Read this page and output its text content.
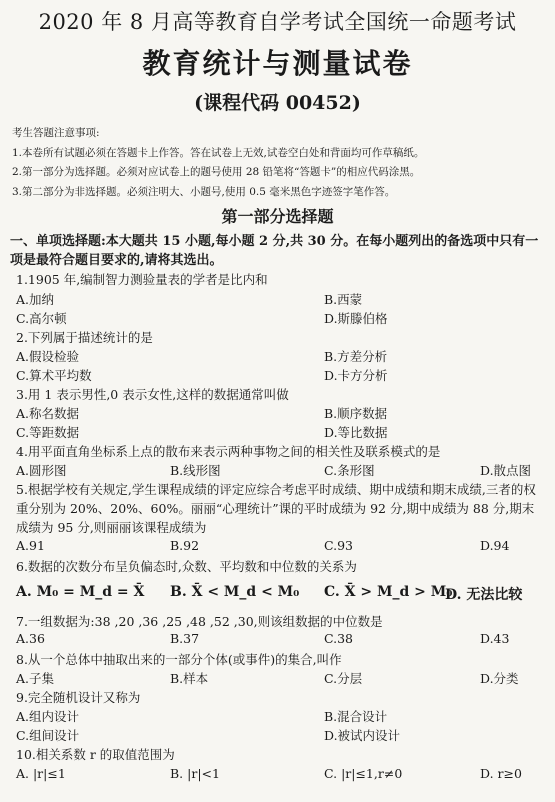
2020 年 8 月高等教育自学考试全国统一命题考试
教育统计与测量试卷
(课程代码 00452)
考生答题注意事项:
1.本卷所有试题必须在答题卡上作答。答在试卷上无效,试卷空白处和背面均可作草稿纸。
2.第一部分为选择题。必须对应试卷上的题号使用 28 铅笔将“答题卡”的相应代码涂黑。
3.第二部分为非选择题。必须注明大、小题号,使用 0.5 毫米黑色字迹签字笔作答。
第一部分选择题
一、单项选择题:本大题共 15 小题,每小题 2 分,共 30 分。在每小题列出的备选项中只有一项是最符合题目要求的,请将其选出。
1.1905 年,编制智力测验量表的学者是比内和
A.加纳	B.西蒙
C.高尔顿	D.斯滕伯格
2.下列属于描述统计的是
A.假设检验	B.方差分析
C.算术平均数	D.卡方分析
3.用 1 表示男性,0 表示女性,这样的数据通常叫做
A.称名数据	B.顺序数据
C.等距数据	D.等比数据
4.用平面直角坐标系上点的散布来表示两种事物之间的相关性及联系模式的是
A.圆形图	B.线形图	C.条形图	D.散点图
5.根据学校有关规定,学生课程成绩的评定应综合考虑平时成绩、期中成绩和期末成绩,三者的权重分别为 20%、20%、60%。丽丽“心理统计”课的平时成绩为 92 分,期中成绩为 88 分,期末成绩为 95 分,则丽丽该课程成绩为
A.91	B.92	C.93	D.94
6.数据的次数分布呈负偏态时,众数、平均数和中位数的关系为
A. M₀ = M_d = X̄ B. X̄ < M_d < M₀ C. X̄ > M_d > M₀
D. 无法比较
7.一组数据为:38 ,20 ,36 ,25 ,48 ,52 ,30,则该组数据的中位数是
A.36	B.37	C.38	D.43
8.从一个总体中抽取出来的一部分个体(或事件)的集合,叫作
A.子集	B.样本	C.分层	D.分类
9.完全随机设计又称为
A.组内设计	B.混合设计
C.组间设计	D.被试内设计
10.相关系数 r 的取值范围为
A. |r|≤1	B. |r|<1	C. |r|≤1,r≠0	D. r≥0
